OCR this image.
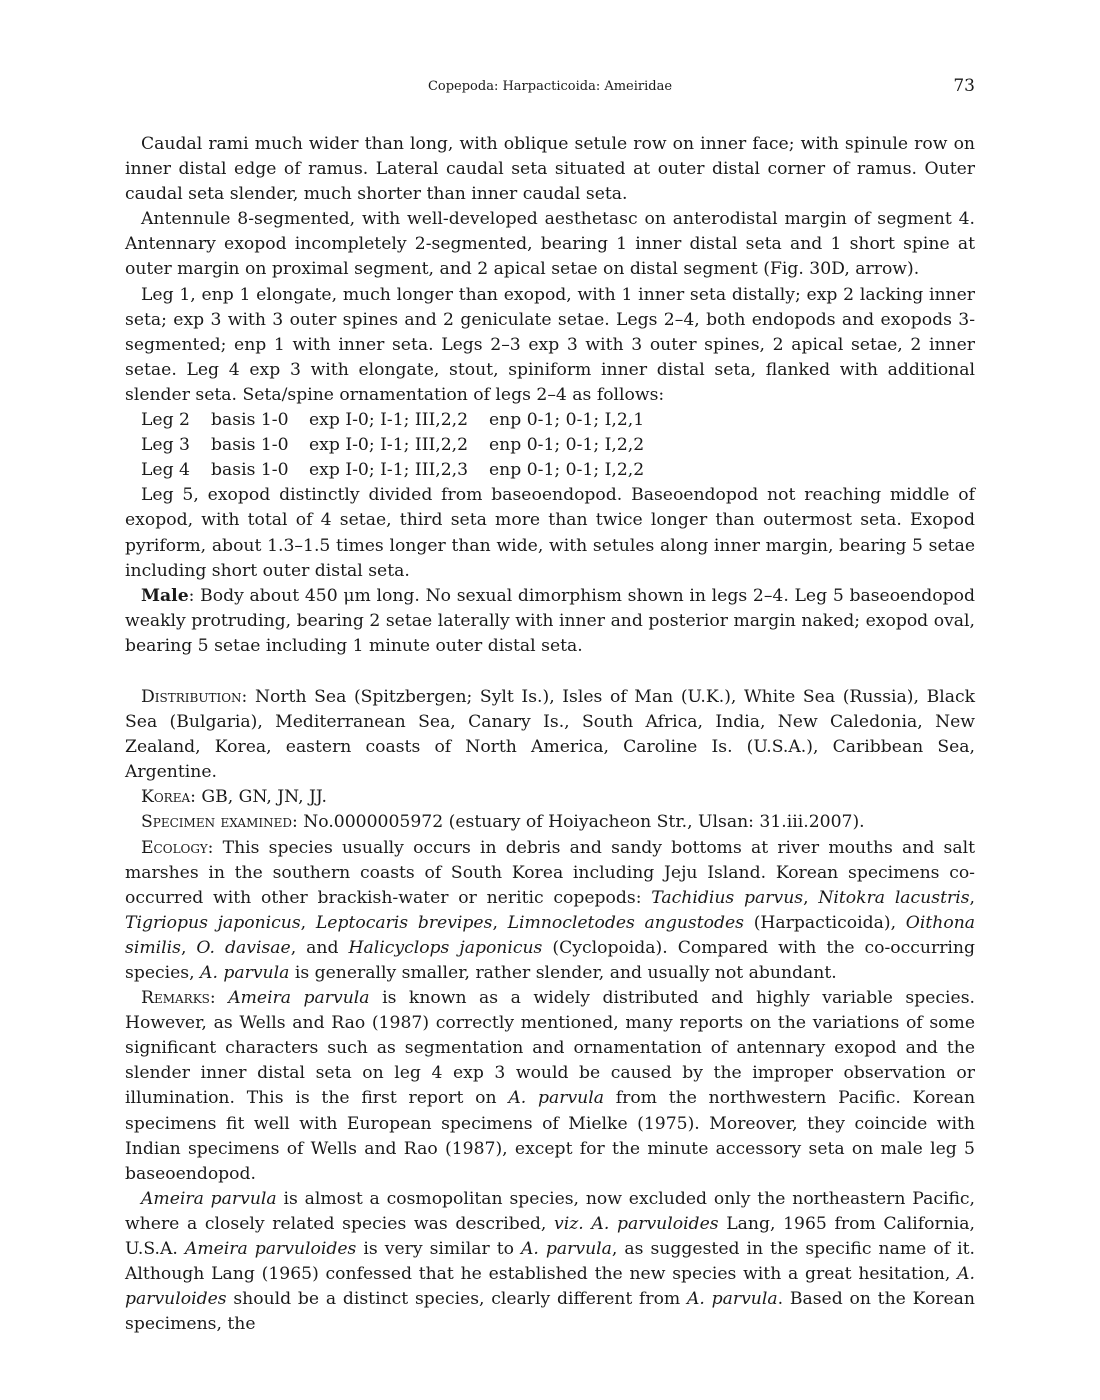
Copepoda: Harpacticoida: Ameiridae	73

Caudal rami much wider than long, with oblique setule row on inner face; with spinule row on inner distal edge of ramus. Lateral caudal seta situated at outer distal corner of ramus. Outer caudal seta slender, much shorter than inner caudal seta.

Antennule 8-segmented, with well-developed aesthetasc on anterodistal margin of segment 4. Antennary exopod incompletely 2-segmented, bearing 1 inner distal seta and 1 short spine at outer margin on proximal segment, and 2 apical setae on distal segment (Fig. 30D, arrow).

Leg 1, enp 1 elongate, much longer than exopod, with 1 inner seta distally; exp 2 lacking inner seta; exp 3 with 3 outer spines and 2 geniculate setae. Legs 2–4, both endopods and exopods 3-segmented; enp 1 with inner seta. Legs 2–3 exp 3 with 3 outer spines, 2 apical setae, 2 inner setae. Leg 4 exp 3 with elongate, stout, spiniform inner distal seta, flanked with additional slender seta. Seta/spine ornamentation of legs 2–4 as follows:

Leg 2	basis 1-0	exp I-0; I-1; III,2,2	enp 0-1; 0-1; I,2,1
Leg 3	basis 1-0	exp I-0; I-1; III,2,2	enp 0-1; 0-1; I,2,2
Leg 4	basis 1-0	exp I-0; I-1; III,2,3	enp 0-1; 0-1; I,2,2

Leg 5, exopod distinctly divided from baseoendopod. Baseoendopod not reaching middle of exopod, with total of 4 setae, third seta more than twice longer than outermost seta. Exopod pyriform, about 1.3–1.5 times longer than wide, with setules along inner margin, bearing 5 setae including short outer distal seta.

Male: Body about 450 μm long. No sexual dimorphism shown in legs 2–4. Leg 5 baseoendopod weakly protruding, bearing 2 setae laterally with inner and posterior margin naked; exopod oval, bearing 5 setae including 1 minute outer distal seta.

Distribution: North Sea (Spitzbergen; Sylt Is.), Isles of Man (U.K.), White Sea (Russia), Black Sea (Bulgaria), Mediterranean Sea, Canary Is., South Africa, India, New Caledonia, New Zealand, Korea, eastern coasts of North America, Caroline Is. (U.S.A.), Caribbean Sea, Argentine.

Korea: GB, GN, JN, JJ.

Specimen examined: No.0000005972 (estuary of Hoiyacheon Str., Ulsan: 31.iii.2007).

Ecology: This species usually occurs in debris and sandy bottoms at river mouths and salt marshes in the southern coasts of South Korea including Jeju Island. Korean specimens co-occurred with other brackish-water or neritic copepods: Tachidius parvus, Nitokra lacustris, Tigriopus japonicus, Leptocaris brevipes, Limnocletodes angustodes (Harpacticoida), Oithona similis, O. davisae, and Halicyclops japonicus (Cyclopoida). Compared with the co-occurring species, A. parvula is generally smaller, rather slender, and usually not abundant.

Remarks: Ameira parvula is known as a widely distributed and highly variable species. However, as Wells and Rao (1987) correctly mentioned, many reports on the variations of some significant characters such as segmentation and ornamentation of antennary exopod and the slender inner distal seta on leg 4 exp 3 would be caused by the improper observation or illumination. This is the first report on A. parvula from the northwestern Pacific. Korean specimens fit well with European specimens of Mielke (1975). Moreover, they coincide with Indian specimens of Wells and Rao (1987), except for the minute accessory seta on male leg 5 baseoendopod.

Ameira parvula is almost a cosmopolitan species, now excluded only the northeastern Pacific, where a closely related species was described, viz. A. parvuloides Lang, 1965 from California, U.S.A. Ameira parvuloides is very similar to A. parvula, as suggested in the specific name of it. Although Lang (1965) confessed that he established the new species with a great hesitation, A. parvuloides should be a distinct species, clearly different from A. parvula. Based on the Korean specimens, the
